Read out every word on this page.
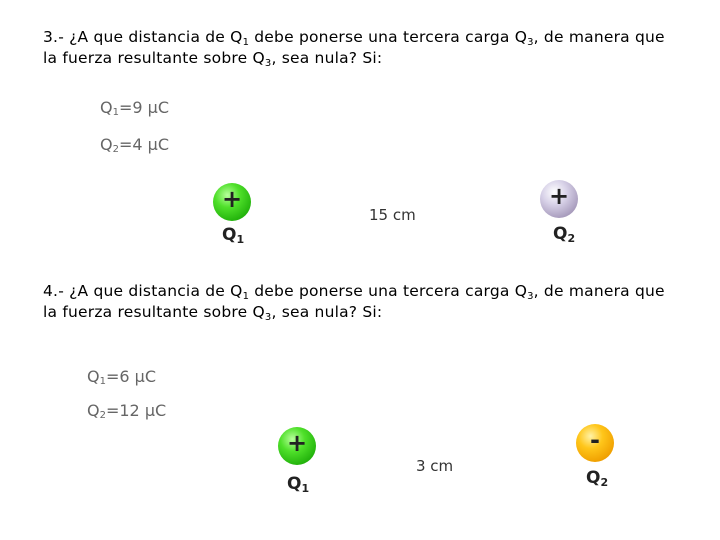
3.- ¿A que distancia de $Q_1$ debe ponerse una tercera carga $Q_3$, de manera que la fuerza resultante sobre $Q_3$, sea nula? Si:

Q1=9 μC
Q2=4 μC
+
Q1
15 cm
+
Q2

4.- ¿A que distancia de $Q_1$ debe ponerse una tercera carga $Q_3$, de manera que la fuerza resultante sobre $Q_3$, sea nula? Si:

Q1=6 μC
Q2=12 μC
+
Q1
3 cm
-
Q2
